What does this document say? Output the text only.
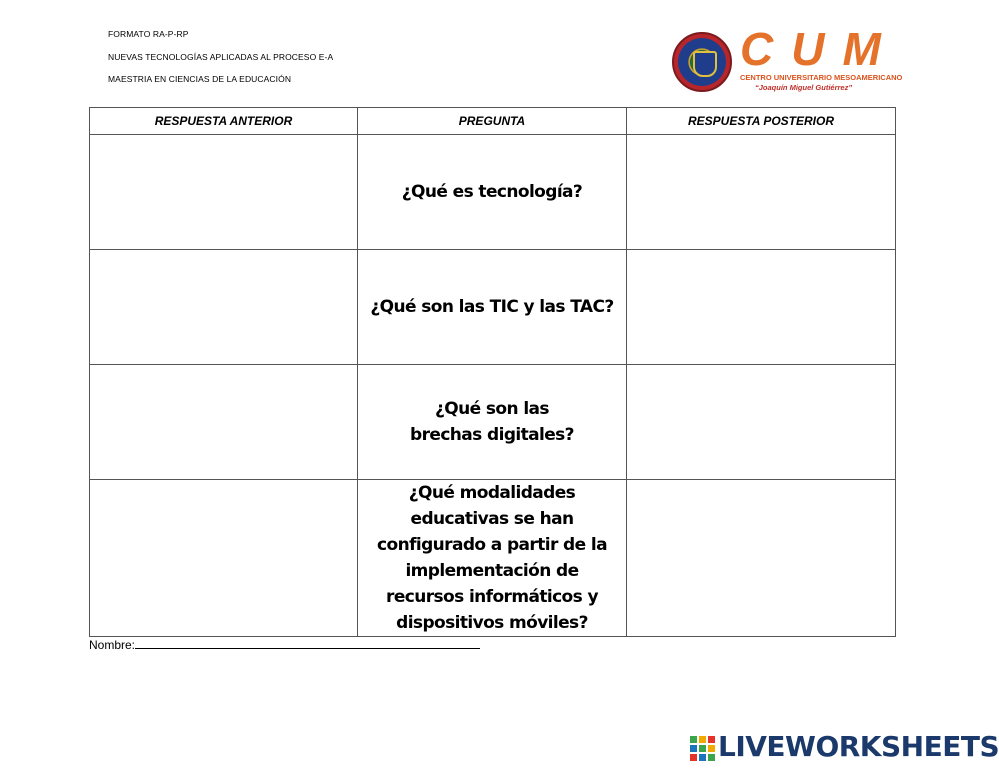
FORMATO RA-P-RP
NUEVAS TECNOLOGÍAS APLICADAS AL PROCESO E-A
MAESTRIA EN CIENCIAS DE LA EDUCACIÓN
CUM
CENTRO UNIVERSITARIO MESOAMERICANO
“Joaquín Miguel Gutiérrez”
RESPUESTA ANTERIOR	PREGUNTA	RESPUESTA POSTERIOR
	¿Qué es tecnología?	
	¿Qué son las TIC y las TAC?	
	¿Qué son las brechas digitales?	
	¿Qué modalidades educativas se han configurado a partir de la implementación de recursos informáticos y dispositivos móviles?	
Nombre:
LIVEWORKSHEETS
